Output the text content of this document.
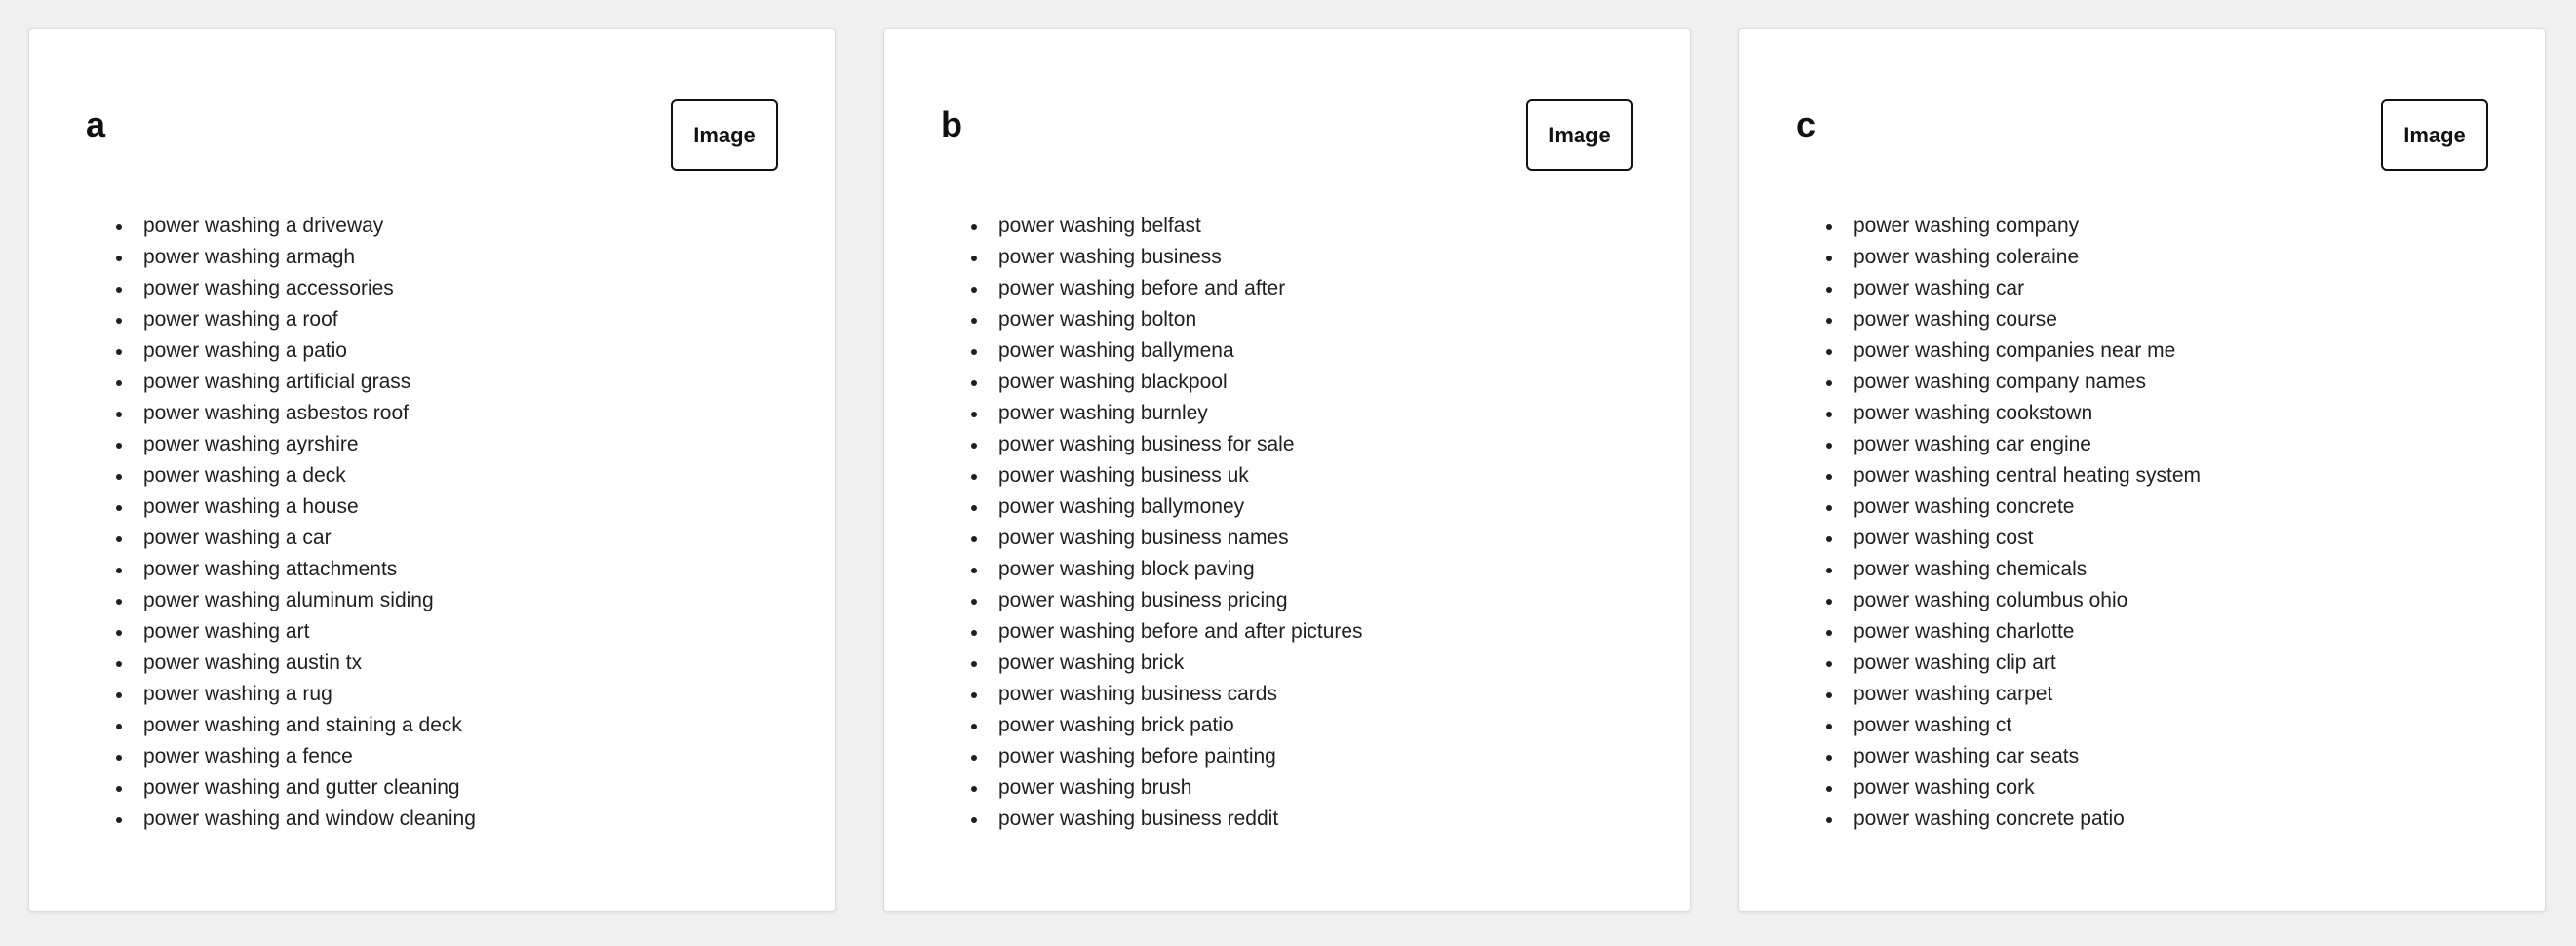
a	Image
power washing a driveway
power washing armagh
power washing accessories
power washing a roof
power washing a patio
power washing artificial grass
power washing asbestos roof
power washing ayrshire
power washing a deck
power washing a house
power washing a car
power washing attachments
power washing aluminum siding
power washing art
power washing austin tx
power washing a rug
power washing and staining a deck
power washing a fence
power washing and gutter cleaning
power washing and window cleaning
b	Image
power washing belfast
power washing business
power washing before and after
power washing bolton
power washing ballymena
power washing blackpool
power washing burnley
power washing business for sale
power washing business uk
power washing ballymoney
power washing business names
power washing block paving
power washing business pricing
power washing before and after pictures
power washing brick
power washing business cards
power washing brick patio
power washing before painting
power washing brush
power washing business reddit
c	Image
power washing company
power washing coleraine
power washing car
power washing course
power washing companies near me
power washing company names
power washing cookstown
power washing car engine
power washing central heating system
power washing concrete
power washing cost
power washing chemicals
power washing columbus ohio
power washing charlotte
power washing clip art
power washing carpet
power washing ct
power washing car seats
power washing cork
power washing concrete patio
